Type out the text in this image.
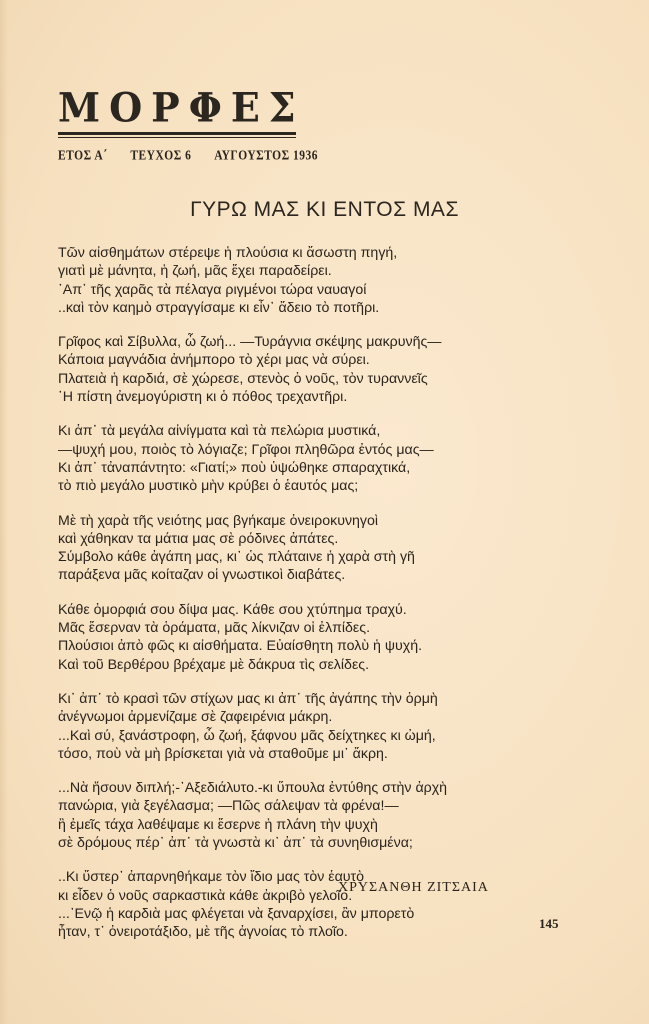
ΜΟΡΦΕΣ
ΕΤΟΣ Α΄ ΤΕΥΧΟΣ 6 ΑΥΓΟΥΣΤΟΣ 1936
ΓΥΡΩ ΜΑΣ ΚΙ ΕΝΤΟΣ ΜΑΣ
Τῶν αἰσθημάτων στέρεψε ἡ πλούσια κι ἄσωστη πηγή,
γιατὶ μὲ μάνητα, ἡ ζωή, μᾶς ἔχει παραδείρει.
᾿Απ᾿ τῆς χαρᾶς τὰ πέλαγα ριγμένοι τώρα ναυαγοί
..καὶ τὸν καημὸ στραγγίσαμε κι εἶν᾿ ἄδειο τὸ ποτῆρι.
Γρῖφος καὶ Σίβυλλα, ὦ ζωή... —Τυράγνια σκέψης μακρυνῆς—
Κάποια μαγνάδια ἀνήμπορο τὸ χέρι μας νὰ σύρει.
Πλατειὰ ἡ καρδιά, σὲ χώρεσε, στενὸς ὁ νοῦς, τὸν τυραννεῖς
῾Η πίστη ἀνεμογύριστη κι ὁ πόθος τρεχαντῆρι.
Κι ἀπ᾿ τὰ μεγάλα αἰνίγματα καὶ τὰ πελώρια μυστικά,
—ψυχή μου, ποιὸς τὸ λόγιαζε; Γρῖφοι πληθῶρα ἐντός μας—
Κι ἀπ᾿ τἀναπάντητο: «Γιατί;» ποὺ ὑψώθηκε σπαραχτικά,
τὸ πιὸ μεγάλο μυστικὸ μὴν κρύβει ὁ ἑαυτός μας;
Μὲ τὴ χαρὰ τῆς νειότης μας βγήκαμε ὀνειροκυνηγοὶ
καὶ χάθηκαν τα μάτια μας σὲ ρόδινες ἀπάτες.
Σύμβολο κάθε ἀγάπη μας, κι᾿ ὡς πλάταινε ἡ χαρὰ στὴ γῆ
παράξενα μᾶς κοίταζαν οἱ γνωστικοὶ διαβάτες.
Κάθε ὀμορφιά σου δίψα μας. Κάθε σου χτύπημα τραχύ.
Μᾶς ἔσερναν τὰ ὁράματα, μᾶς λίκνιζαν οἱ ἐλπίδες.
Πλούσιοι ἀπὸ φῶς κι αἰσθήματα. Εὐαίσθητη πολὺ ἡ ψυχή.
Καὶ τοῦ Βερθέρου βρέχαμε μὲ δάκρυα τὶς σελίδες.
Κι᾿ ἀπ᾿ τὸ κρασὶ τῶν στίχων μας κι ἀπ᾿ τῆς ἀγάπης τὴν ὁρμὴ
ἀνέγνωμοι ἀρμενίζαμε σὲ ζαφειρένια μάκρη.
...Καὶ σύ, ξανάστροφη, ὦ ζωή, ξάφνου μᾶς δείχτηκες κι ὠμή,
τόσο, ποὺ νὰ μὴ βρίσκεται γιὰ νὰ σταθοῦμε μι᾿ ἄκρη.
...Νὰ ἤσουν διπλή;-᾿Αξεδιάλυτο.-κι ὕπουλα ἐντύθης στὴν ἀρχὴ
πανώρια, γιὰ ξεγέλασμα; —Πῶς σάλεψαν τὰ φρένα!—
ἢ ἐμεῖς τάχα λαθέψαμε κι ἔσερνε ἡ πλάνη τὴν ψυχὴ
σὲ δρόμους πέρ᾿ ἀπ᾿ τὰ γνωστὰ κι᾿ ἀπ᾿ τὰ συνηθισμένα;
..Κι ὕστερ᾿ ἀπαρνηθήκαμε τὸν ἴδιο μας τὸν ἑαυτὸ
κι εἶδεν ὁ νοῦς σαρκαστικὰ κάθε ἀκριβὸ γελοῖο.
...᾿Ενῷ ἡ καρδιὰ μας φλέγεται νὰ ξαναρχίσει, ἂν μπορετὸ
ἦταν, τ᾿ ὀνειροτάξιδο, μὲ τῆς ἀγνοίας τὸ πλοῖο.
ΧΡΥΣΑΝΘΗ ΖΙΤΣΑΙΑ
145
